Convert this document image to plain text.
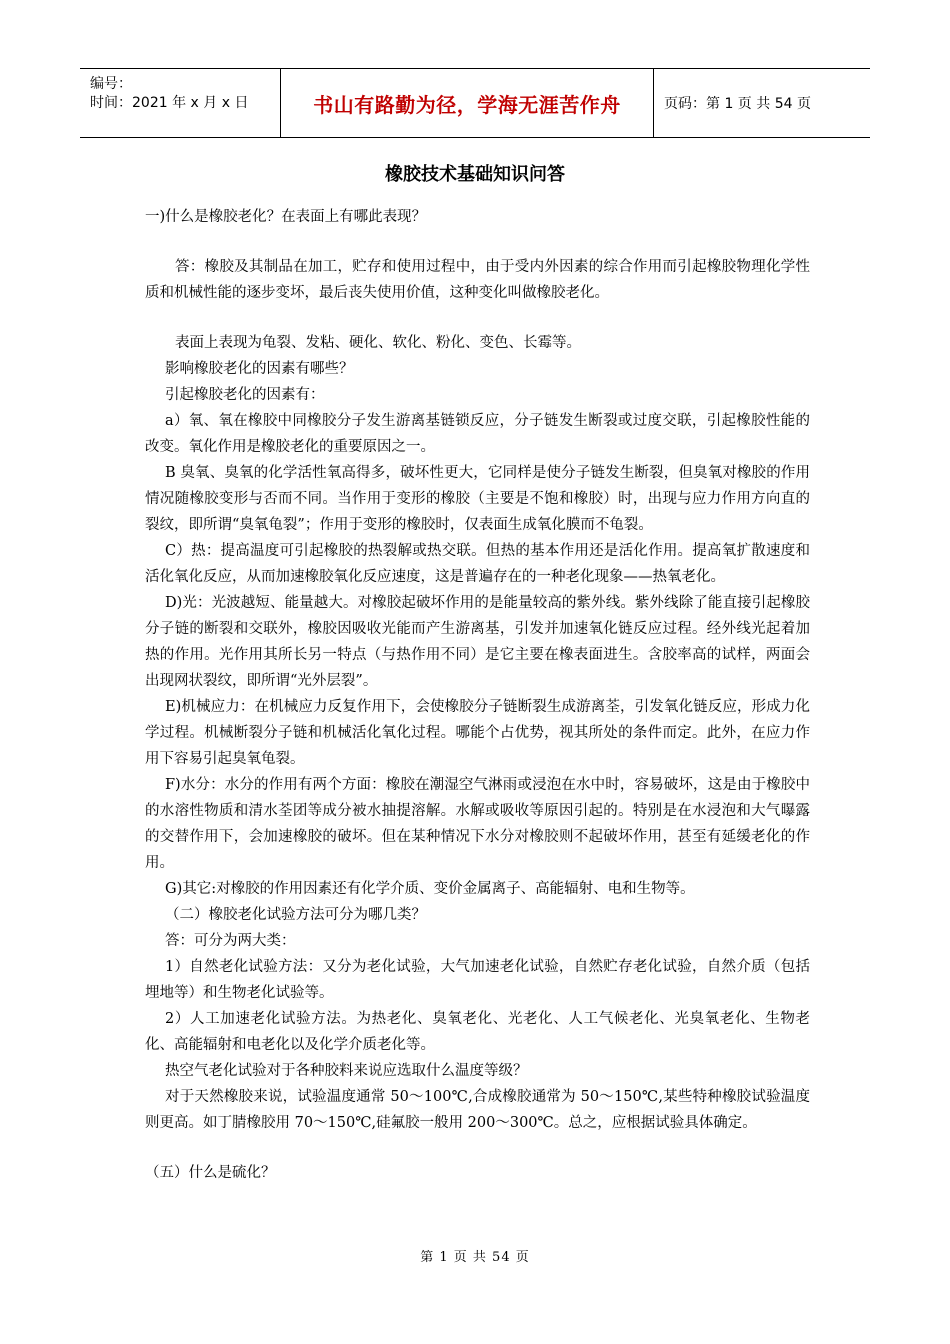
编号：
时间：2021 年 x 月 x 日	书山有路勤为径，学海无涯苦作舟	页码：第 1 页 共 54 页
橡胶技术基础知识问答

一)什么是橡胶老化？在表面上有哪此表现？

答：橡胶及其制品在加工，贮存和使用过程中，由于受内外因素的综合作用而引起橡胶物理化学性质和机械性能的逐步变坏，最后丧失使用价值，这种变化叫做橡胶老化。

表面上表现为龟裂、发粘、硬化、软化、粉化、变色、长霉等。

影响橡胶老化的因素有哪些？

引起橡胶老化的因素有：

a）氧、氧在橡胶中同橡胶分子发生游离基链锁反应，分子链发生断裂或过度交联，引起橡胶性能的改变。氧化作用是橡胶老化的重要原因之一。

B 臭氧、臭氧的化学活性氧高得多，破坏性更大，它同样是使分子链发生断裂，但臭氧对橡胶的作用情况随橡胶变形与否而不同。当作用于变形的橡胶（主要是不饱和橡胶）时，出现与应力作用方向直的裂纹，即所谓“臭氧龟裂”；作用于变形的橡胶时，仅表面生成氧化膜而不龟裂。

C）热：提高温度可引起橡胶的热裂解或热交联。但热的基本作用还是活化作用。提高氧扩散速度和活化氧化反应，从而加速橡胶氧化反应速度，这是普遍存在的一种老化现象——热氧老化。

D)光：光波越短、能量越大。对橡胶起破坏作用的是能量较高的紫外线。紫外线除了能直接引起橡胶分子链的断裂和交联外，橡胶因吸收光能而产生游离基，引发并加速氧化链反应过程。经外线光起着加热的作用。光作用其所长另一特点（与热作用不同）是它主要在橡表面进生。含胶率高的试样，两面会出现网状裂纹，即所谓“光外层裂”。

E)机械应力：在机械应力反复作用下，会使橡胶分子链断裂生成游离荃，引发氧化链反应，形成力化学过程。机械断裂分子链和机械活化氧化过程。哪能个占优势，视其所处的条件而定。此外，在应力作用下容易引起臭氧龟裂。

F)水分：水分的作用有两个方面：橡胶在潮湿空气淋雨或浸泡在水中时，容易破坏，这是由于橡胶中的水溶性物质和清水荃团等成分被水抽提溶解。水解或吸收等原因引起的。特别是在水浸泡和大气曝露的交替作用下，会加速橡胶的破坏。但在某种情况下水分对橡胶则不起破坏作用，甚至有延缓老化的作用。

G)其它:对橡胶的作用因素还有化学介质、变价金属离子、高能辐射、电和生物等。

（二）橡胶老化试验方法可分为哪几类？

答：可分为两大类：

1）自然老化试验方法：又分为老化试验，大气加速老化试验，自然贮存老化试验，自然介质（包括埋地等）和生物老化试验等。

2）人工加速老化试验方法。为热老化、臭氧老化、光老化、人工气候老化、光臭氧老化、生物老化、高能辐射和电老化以及化学介质老化等。

热空气老化试验对于各种胶料来说应选取什么温度等级？

对于天然橡胶来说，试验温度通常 50～100℃,合成橡胶通常为 50～150℃,某些特种橡胶试验温度则更高。如丁腈橡胶用 70～150℃,硅氟胶一般用 200～300℃。总之，应根据试验具体确定。

（五）什么是硫化？

第 1 页 共 54 页
